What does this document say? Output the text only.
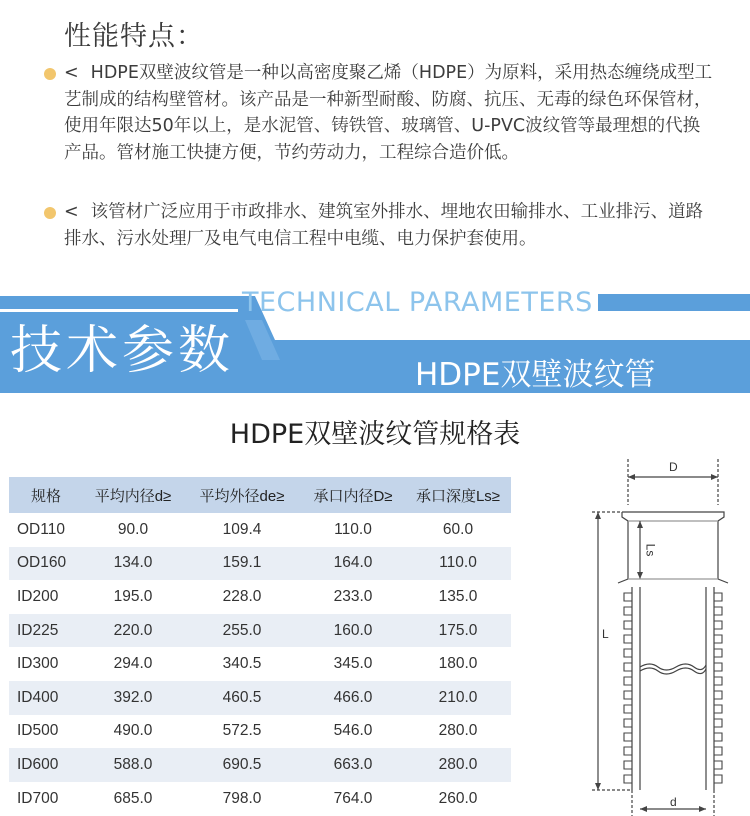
性能特点：
< HDPE双壁波纹管是一种以高密度聚乙烯（HDPE）为原料，采用热态缠绕成型工艺制成的结构壁管材。该产品是一种新型耐酸、防腐、抗压、无毒的绿色环保管材，使用年限达50年以上，是水泥管、铸铁管、玻璃管、U-PVC波纹管等最理想的代换产品。管材施工快捷方便，节约劳动力，工程综合造价低。
< 该管材广泛应用于市政排水、建筑室外排水、埋地农田输排水、工业排污、道路排水、污水处理厂及电气电信工程中电缆、电力保护套使用。
TECHNICAL PARAMETERS
技术参数	HDPE双壁波纹管
HDPE双壁波纹管规格表
规格	平均内径d≥	平均外径de≥	承口内径D≥	承口深度Ls≥
OD110	90.0	109.4	110.0	60.0
OD160	134.0	159.1	164.0	110.0
ID200	195.0	228.0	233.0	135.0
ID225	220.0	255.0	160.0	175.0
ID300	294.0	340.5	345.0	180.0
ID400	392.0	460.5	466.0	210.0
ID500	490.0	572.5	546.0	280.0
ID600	588.0	690.5	663.0	280.0
ID700	685.0	798.0	764.0	260.0
D
Ls
L
d
